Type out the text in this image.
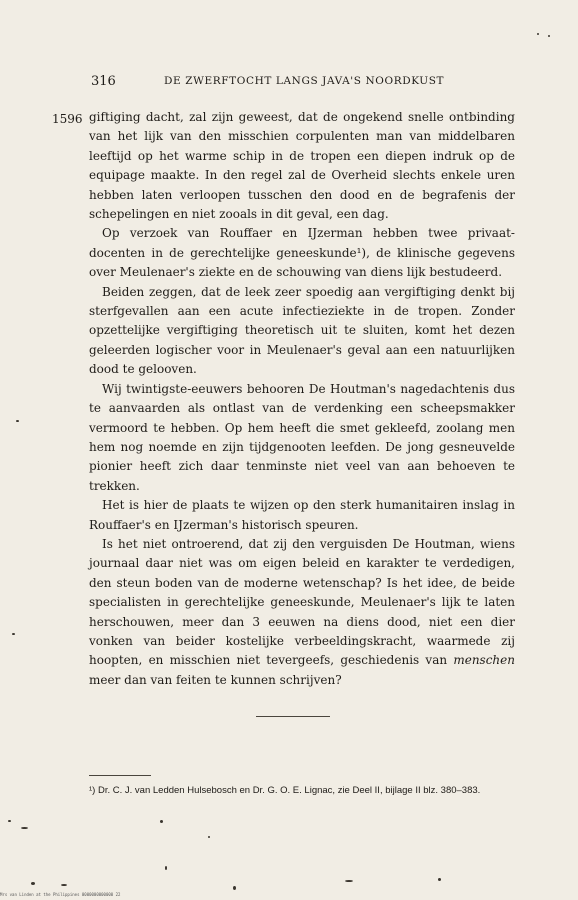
316	DE ZWERFTOCHT LANGS JAVA'S NOORDKUST
1596 giftiging dacht, zal zijn geweest, dat de ongekend snelle ontbinding van het lijk van den misschien corpulenten man van middelbaren leeftijd op het warme schip in de tropen een diepen indruk op de equipage maakte. In den regel zal de Overheid slechts enkele uren hebben laten verloopen tusschen den dood en de begrafenis der schepelingen en niet zooals in dit geval, een dag.

Op verzoek van Rouffaer en IJzerman hebben twee privaat-docenten in de gerechtelijke geneeskunde¹), de klinische gegevens over Meulenaer's ziekte en de schouwing van diens lijk bestudeerd.

Beiden zeggen, dat de leek zeer spoedig aan vergiftiging denkt bij sterfgevallen aan een acute infectieziekte in de tropen. Zonder opzettelijke vergiftiging theoretisch uit te sluiten, komt het dezen geleerden logischer voor in Meulenaer's geval aan een natuurlijken dood te gelooven.

Wij twintigste-eeuwers behooren De Houtman's nagedachtenis dus te aanvaarden als ontlast van de verdenking een scheepsmakker vermoord te hebben. Op hem heeft die smet gekleefd, zoolang men hem nog noemde en zijn tijdgenooten leefden. De jong gesneuvelde pionier heeft zich daar tenminste niet veel van aan behoeven te trekken.

Het is hier de plaats te wijzen op den sterk humanitairen inslag in Rouffaer's en IJzerman's historisch speuren.

Is het niet ontroerend, dat zij den verguisden De Houtman, wiens journaal daar niet was om eigen beleid en karakter te verdedigen, den steun boden van de moderne wetenschap? Is het idee, de beide specialisten in gerechtelijke geneeskunde, Meulenaer's lijk te laten herschouwen, meer dan 3 eeuwen na diens dood, niet een dier vonken van beider kostelijke verbeeldingskracht, waarmede zij hoopten, en misschien niet tevergeefs, geschiedenis van menschen meer dan van feiten te kunnen schrijven?

¹) Dr. C. J. van Ledden Hulsebosch en Dr. G. O. E. Lignac, zie Deel II, bijlage II blz. 380–383.
Mrs van Linden at the Philippines 0000000000000 22
